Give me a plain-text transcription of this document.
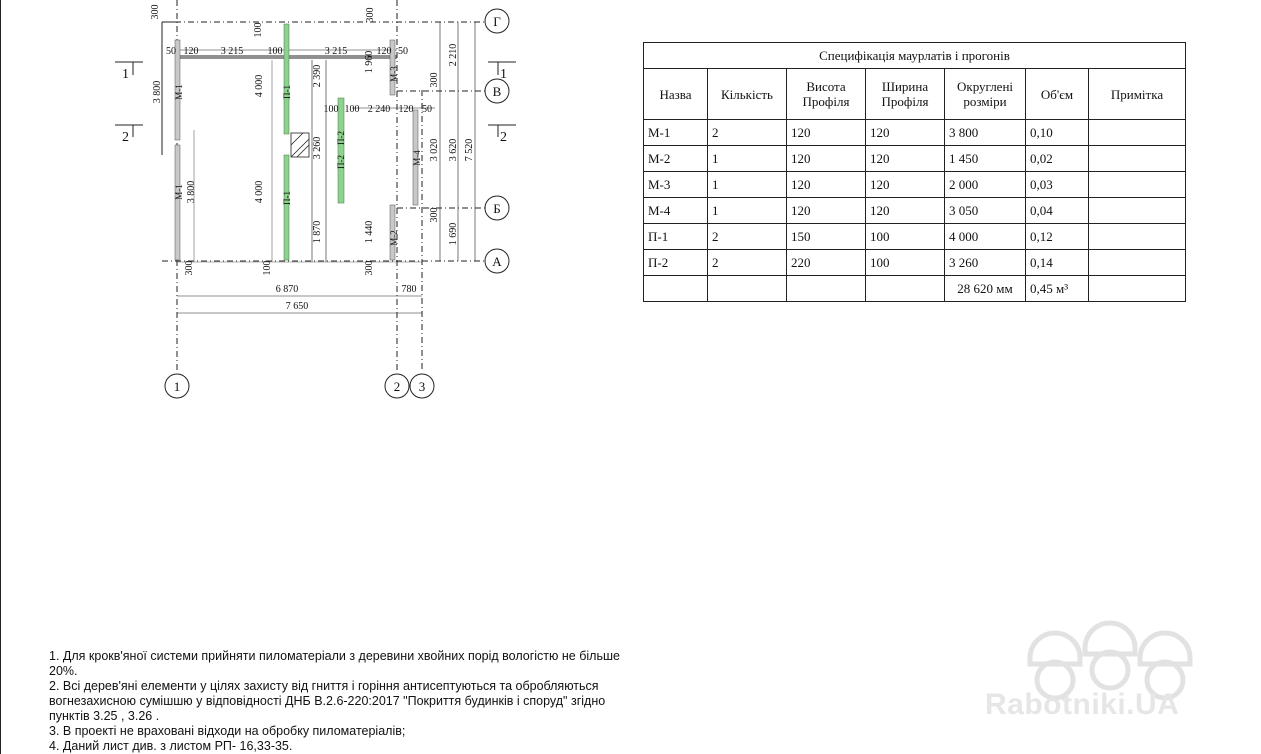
Г
В
Б
А
1	2 3
1
2
1
2
300
50 120 3 215
100
100	3 215
300
120 50	2 210
300
3 620 7 520
3 020
300
1 690
1 960
2 390
100 100 2 240 120 50
3 260
1 870	1 440
4 000
4 000
3 800
3 800
100
300	300
6 870	780
7 650
М-1
М-1
М-2
М-3
М-4
П-1
П-1
П-2
П-2
Специфікація маурлатів і прогонів						
Назва	Кількість	Висота Профіля	Ширина Профіля	Округлені розміри	Об'єм	Примітка
М-1	2	120	120	3 800	0,10	
М-2	1	120	120	1 450	0,02	
М-3	1	120	120	2 000	0,03	
М-4	1	120	120	3 050	0,04	
П-1	2	150	100	4 000	0,12	
П-2	2	220	100	3 260	0,14	
				28 620 мм	0,45 м³	

1. Для крокв'яної системи прийняти пиломатеріали з деревини хвойних порід вологістю не більше 20%.

2. Всі дерев'яні елементи у цілях захисту від гниття і горіння антисептуються та обробляються вогнезахисною сумішшю у відповідності ДНБ В.2.6-220:2017 "Покриття будинків і споруд" згідно пунктів 3.25 , 3.26 .

3. В проекті не враховані відходи на обробку пиломатеріалів;

4. Даний лист див. з листом РП- 16,33-35.

Rabotniki.UA
